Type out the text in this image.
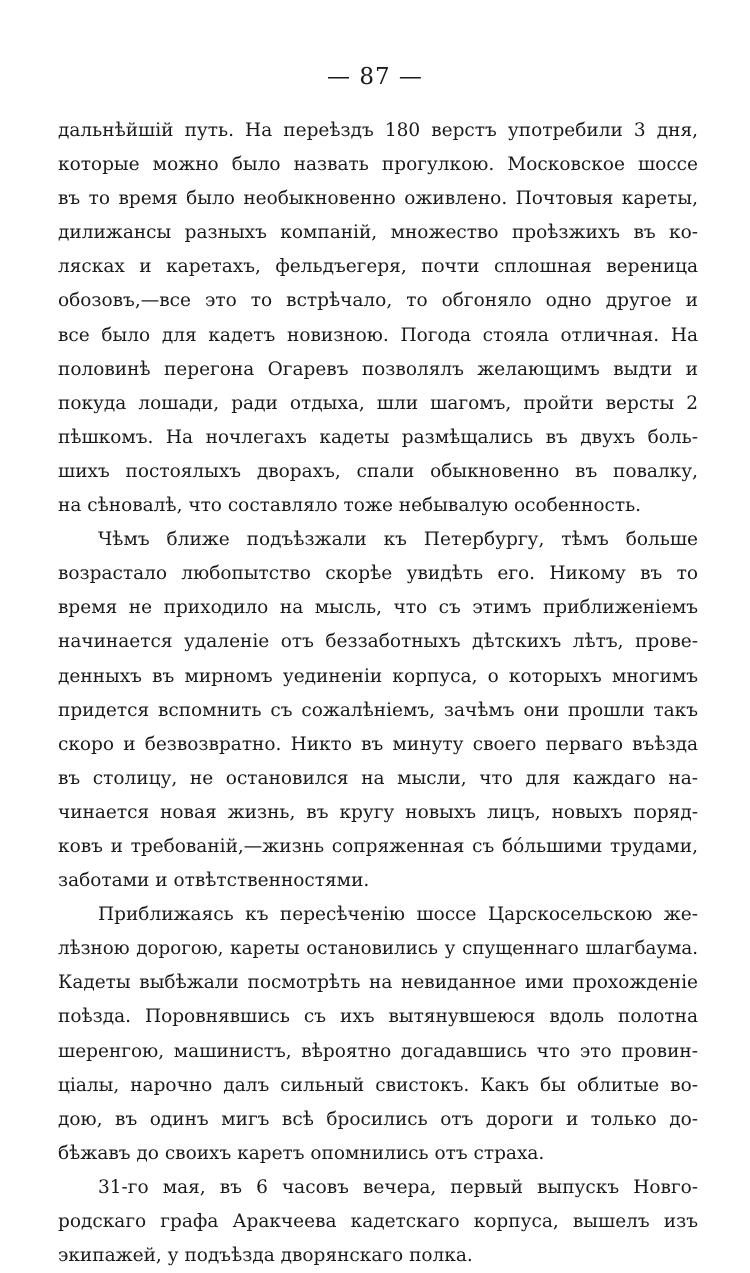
— 87 —
дальнѣйшій путь. На переѣздъ 180 верстъ употребили 3 дня,
которые можно было назвать прогулкою. Московское шоссе
въ то время было необыкновенно оживлено. Почтовыя кареты,
дилижансы разныхъ компаній, множество проѣзжихъ въ ко-
лясках и каретахъ, фельдъегеря, почти сплошная вереница
обозовъ,—все это то встрѣчало, то обгоняло одно другое и
все было для кадетъ новизною. Погода стояла отличная. На
половинѣ перегона Огаревъ позволялъ желающимъ выдти и
покуда лошади, ради отдыха, шли шагомъ, пройти версты 2
пѣшкомъ. На ночлегахъ кадеты размѣщались въ двухъ боль-
шихъ постоялыхъ дворахъ, спали обыкновенно въ повалку,
на сѣновалѣ, что составляло тоже небывалую особенность.
Чѣмъ ближе подъѣзжали къ Петербургу, тѣмъ больше
возрастало любопытство скорѣе увидѣть его. Никому въ то
время не приходило на мысль, что съ этимъ приближеніемъ
начинается удаленіе отъ беззаботныхъ дѣтскихъ лѣтъ, прове-
денныхъ въ мирномъ уединеніи корпуса, о которыхъ многимъ
придется вспомнить съ сожалѣніемъ, зачѣмъ они прошли такъ
скоро и безвозвратно. Никто въ минуту своего перваго въѣзда
въ столицу, не остановился на мысли, что для каждаго на-
чинается новая жизнь, въ кругу новыхъ лицъ, новыхъ поряд-
ковъ и требованій,—жизнь сопряженная съ бо́льшими трудами,
заботами и отвѣтственностями.
Приближаясь къ пересѣченію шоссе Царскосельскою же-
лѣзною дорогою, кареты остановились у спущеннаго шлагбаума.
Кадеты выбѣжали посмотрѣть на невиданное ими прохожденіе
поѣзда. Поровнявшись съ ихъ вытянувшеюся вдоль полотна
шеренгою, машинистъ, вѣроятно догадавшись что это провин-
ціалы, нарочно далъ сильный свистокъ. Какъ бы облитые во-
дою, въ одинъ мигъ всѣ бросились отъ дороги и только до-
бѣжавъ до своихъ каретъ опомнились отъ страха.
31-го мая, въ 6 часовъ вечера, первый выпускъ Новго-
родскаго графа Аракчеева кадетскаго корпуса, вышелъ изъ
экипажей, у подъѣзда дворянскаго полка.
